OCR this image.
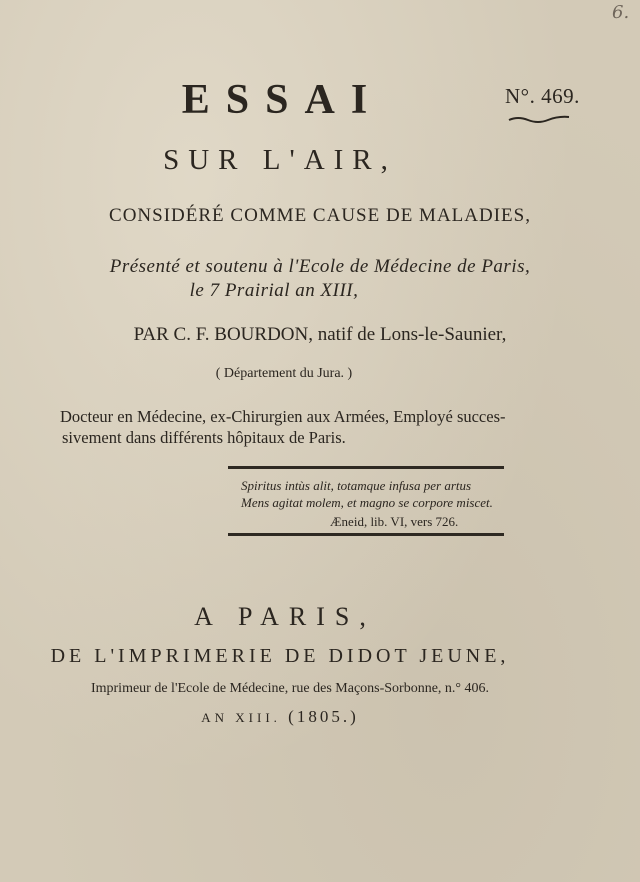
6.
N°. 469.
ESSAI
SUR L'AIR,
CONSIDÉRÉ COMME CAUSE DE MALADIES,
Présenté et soutenu à l'Ecole de Médecine de Paris,
le 7 Prairial an XIII,
PAR C. F. BOURDON, natif de Lons-le-Saunier,
( Département du Jura. )
Docteur en Médecine, ex-Chirurgien aux Armées, Employé succes-
sivement dans différents hôpitaux de Paris.
Spiritus intùs alit, totamque infusa per artus
Mens agitat molem, et magno se corpore miscet.
Æneid, lib. VI, vers 726.
A PARIS,
DE L'IMPRIMERIE DE DIDOT JEUNE,
Imprimeur de l'Ecole de Médecine, rue des Maçons-Sorbonne, n.° 406.
AN XIII. (1805.)
